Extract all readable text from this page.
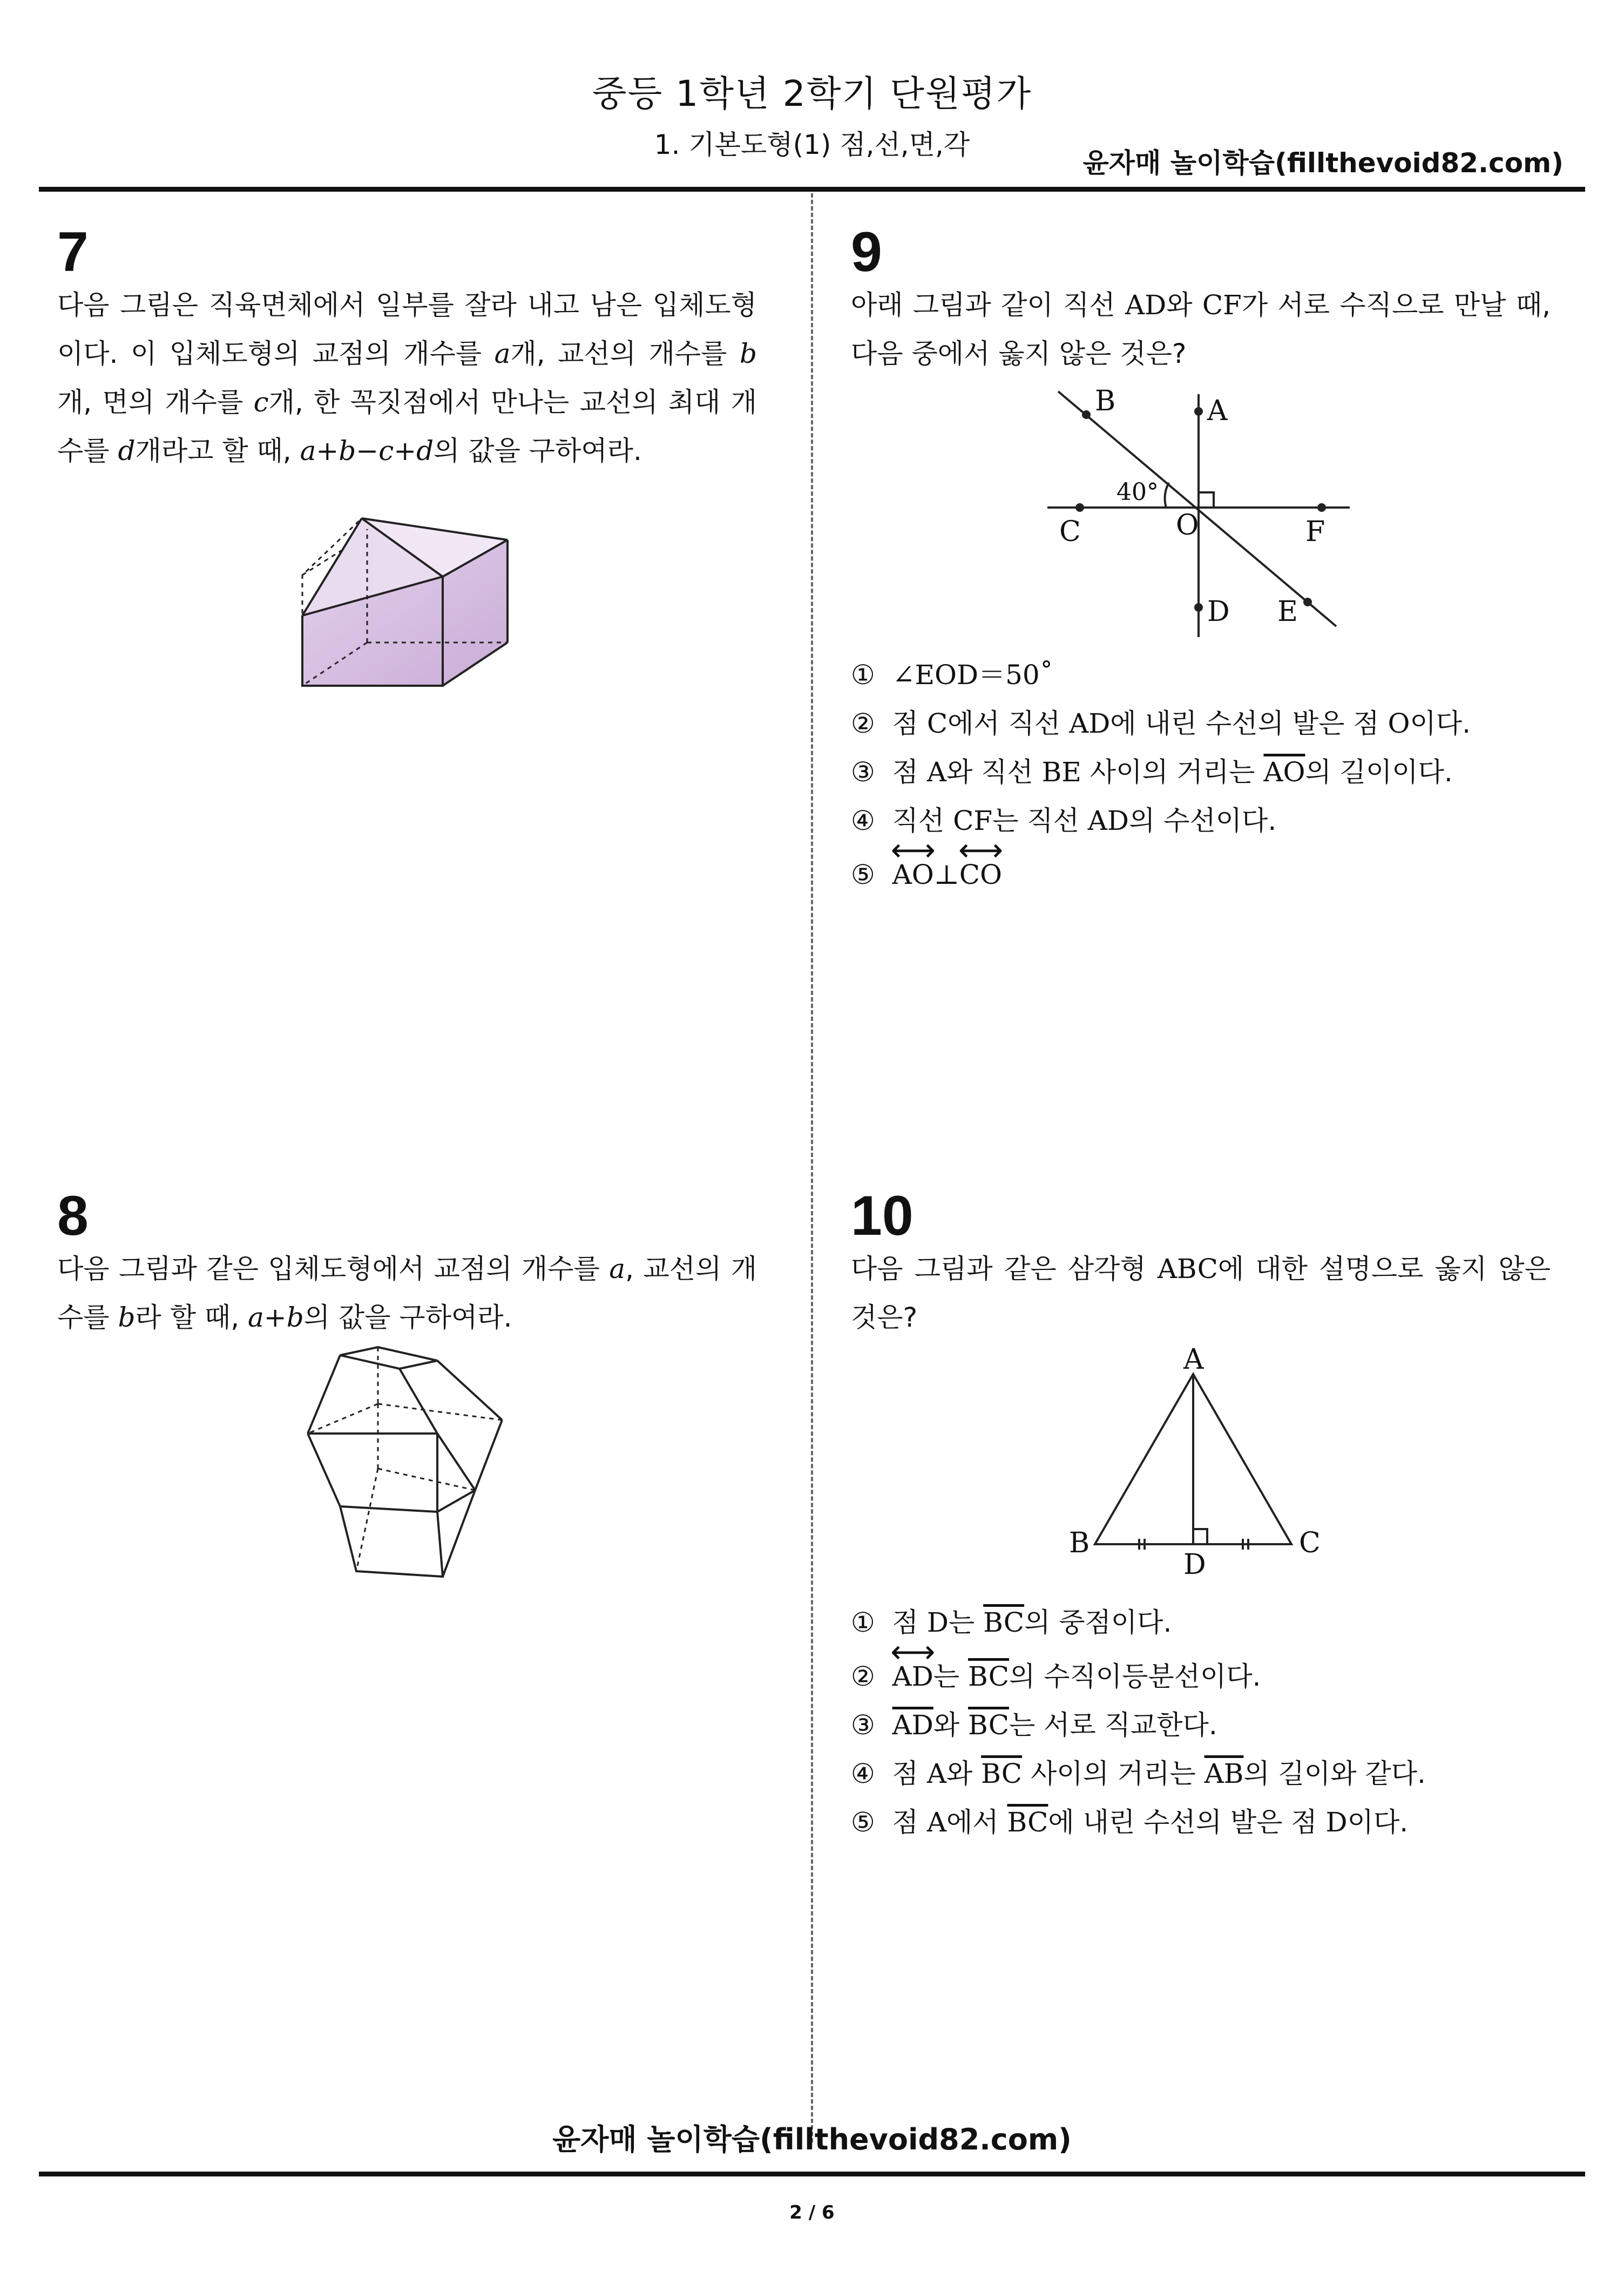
중등 1학년 2학기 단원평가
1. 기본도형(1) 점,선,면,각
윤자매 놀이학습(fillthevoid82.com)
7
다음 그림은 직육면체에서 일부를 잘라 내고 남은 입체도형이다. 이 입체도형의 교점의 개수를 a개, 교선의 개수를 b개, 면의 개수를 c개, 한 꼭짓점에서 만나는 교선의 최대 개수를 d개라고 할 때, a+b−c+d의 값을 구하여라.
8
다음 그림과 같은 입체도형에서 교점의 개수를 a, 교선의 개수를 b라 할 때, a+b의 값을 구하여라.
9
아래 그림과 같이 직선 AD와 CF가 서로 수직으로 만날 때, 다음 중에서 옳지 않은 것은?
B	A
C	O	F
D E
40°
① ∠EOD＝50˚
② 점 C에서 직선 AD에 내린 수선의 발은 점 O이다.
③ 점 A와 직선 BE 사이의 거리는 $\overline{AO}$의 길이이다.
④ 직선 CF는 직선 AD의 수선이다.
⑤ ⟷ AO⊥⟷ CO
10
다음 그림과 같은 삼각형 ABC에 대한 설명으로 옳지 않은 것은?
A
B	C
D
① 점 D는 $\overline{BC}$의 중점이다.
② ⟷ AD는 $\overline{BC}$의 수직이등분선이다.
③ $\overline{AD}$와 $\overline{BC}$는 서로 직교한다.
④ 점 A와 $\overline{BC}$ 사이의 거리는 $\overline{AB}$의 길이와 같다.
⑤ 점 A에서 $\overline{BC}$에 내린 수선의 발은 점 D이다.
윤자매 놀이학습(fillthevoid82.com)
2 / 6
